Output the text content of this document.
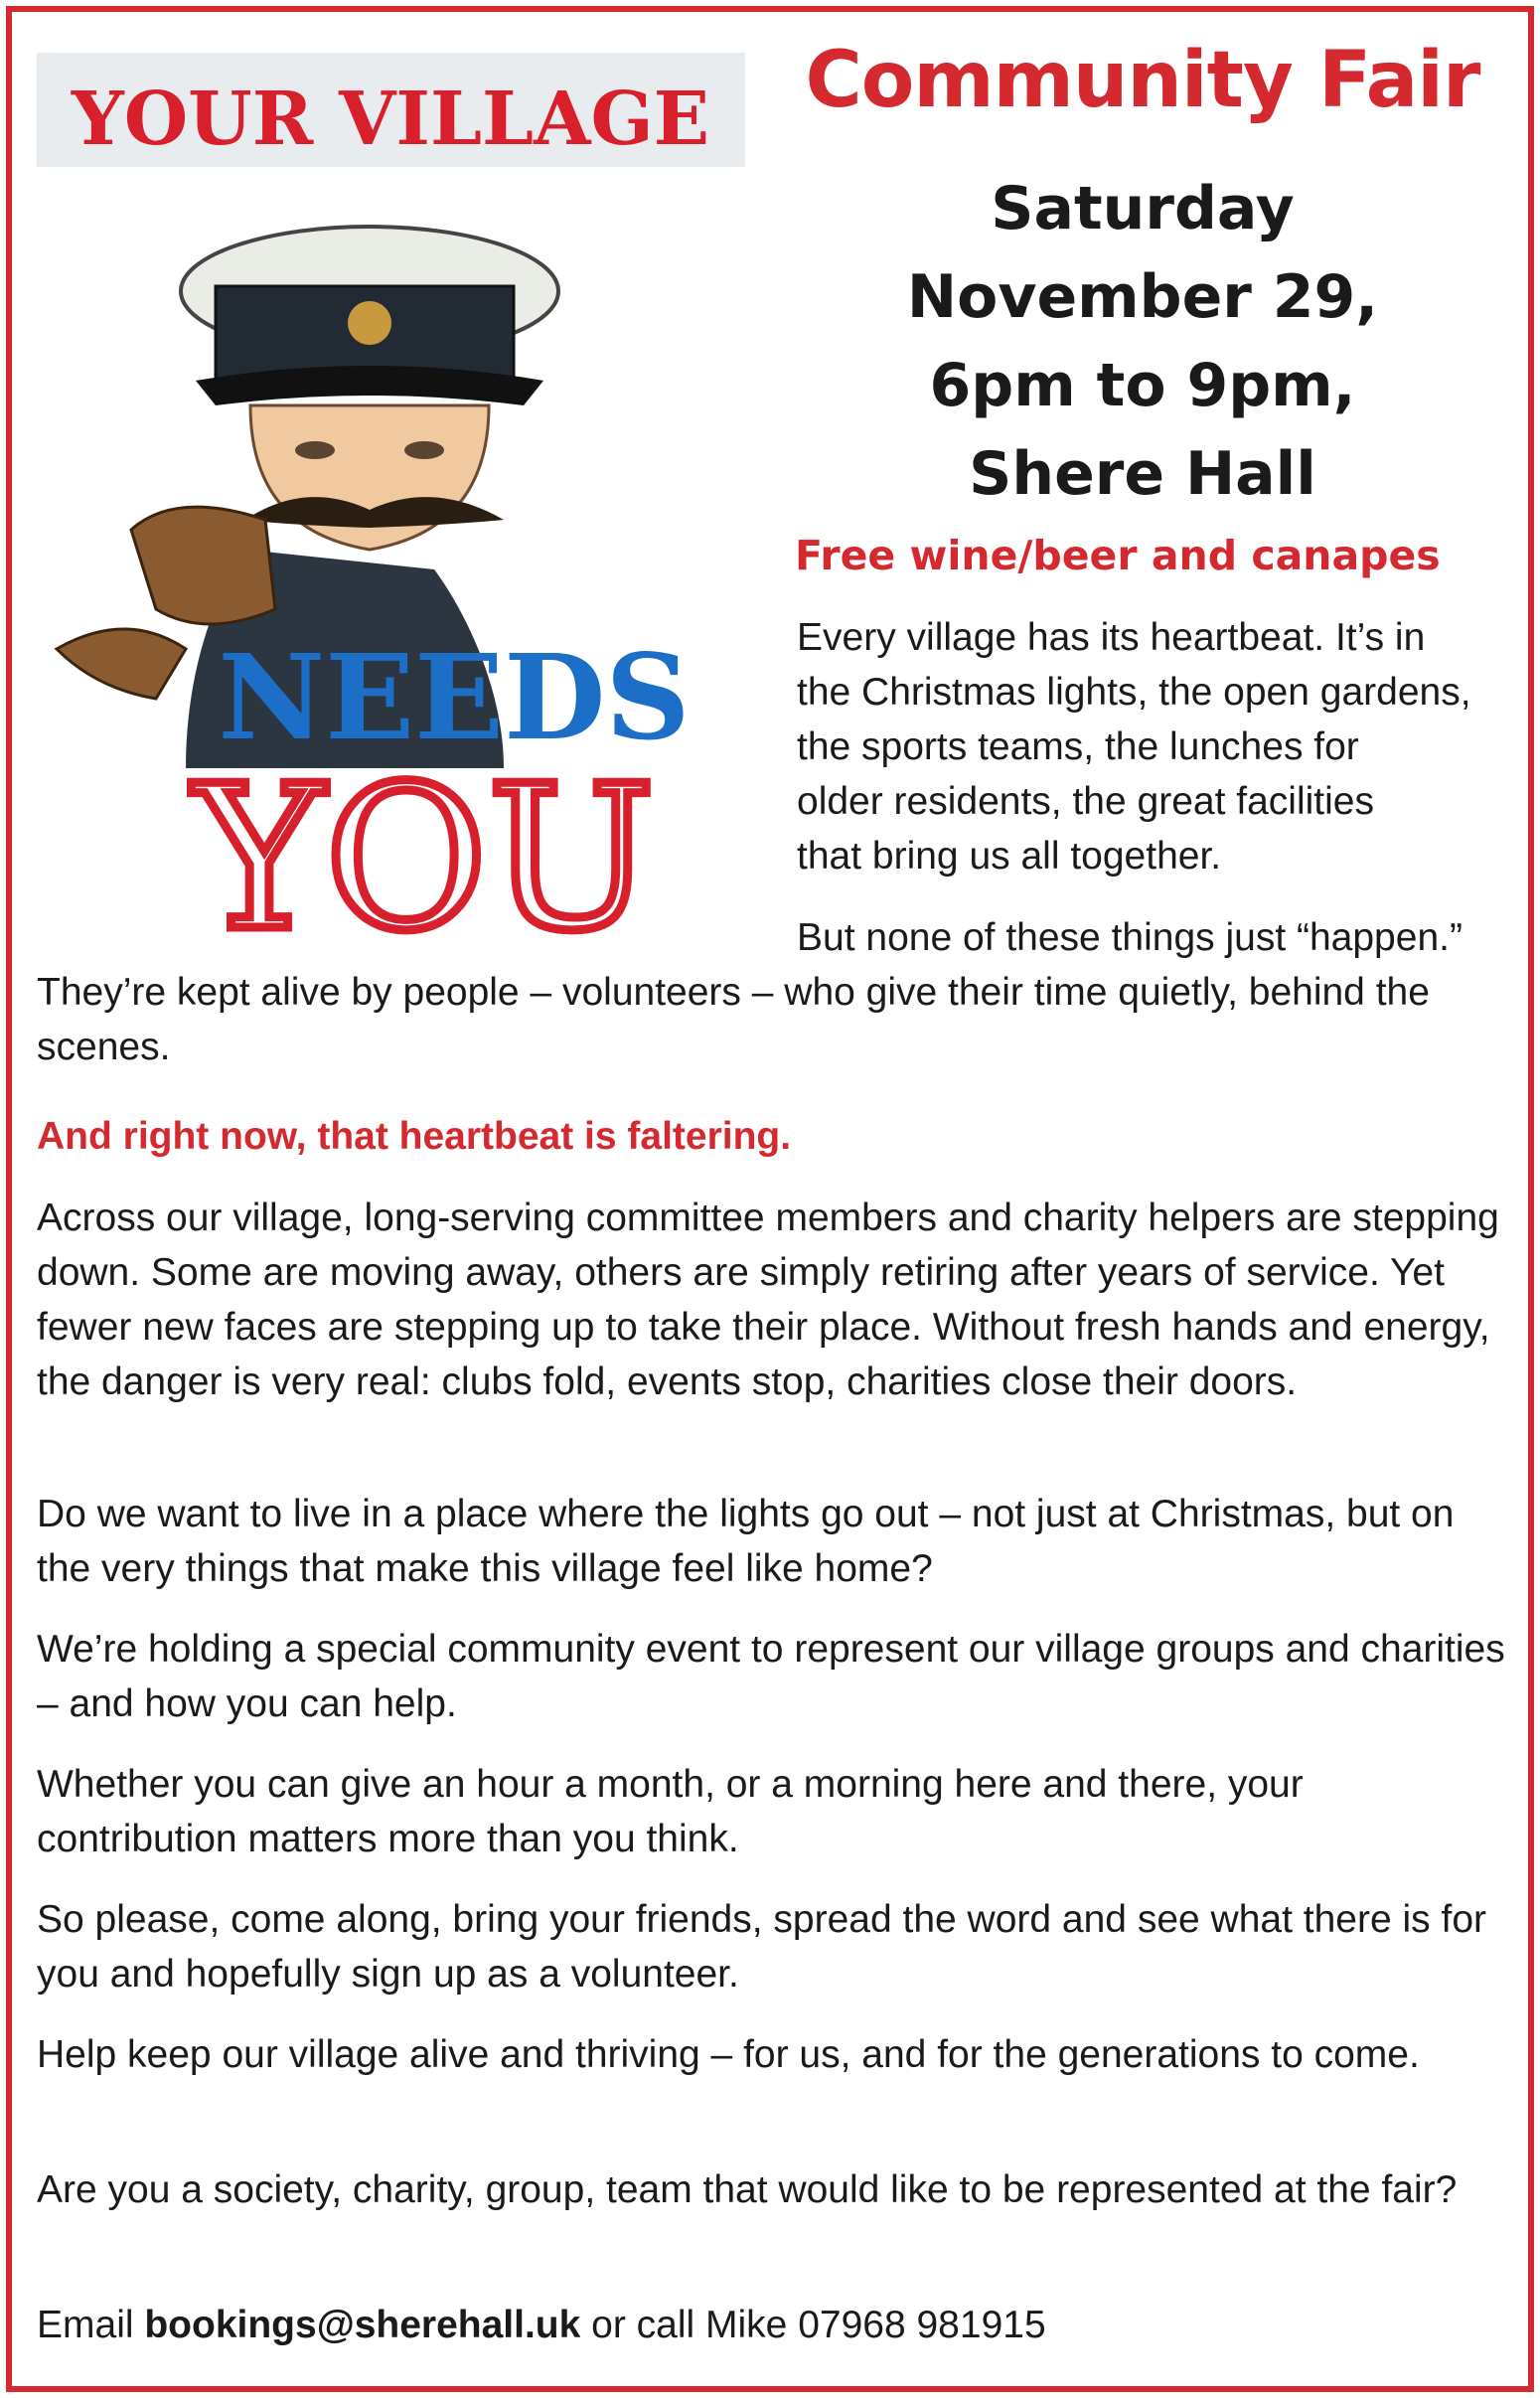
YOUR VILLAGE
NEEDS
YOU
Community Fair
Saturday
November 29,
6pm to 9pm,
Shere Hall
Free wine/beer and canapes
Every village has its heartbeat. It’s in
the Christmas lights, the open gardens,
the sports teams, the lunches for
older residents, the great facilities
that bring us all together.
But none of these things just “happen.”
They’re kept alive by people – volunteers – who give their time quietly, behind the scenes.
And right now, that heartbeat is faltering.
Across our village, long-serving committee members and charity helpers are stepping down. Some are moving away, others are simply retiring after years of service. Yet fewer new faces are stepping up to take their place. Without fresh hands and energy, the danger is very real: clubs fold, events stop, charities close their doors.
Do we want to live in a place where the lights go out – not just at Christmas, but on the very things that make this village feel like home?
We’re holding a special community event to represent our village groups and charities – and how you can help.
Whether you can give an hour a month, or a morning here and there, your contribution matters more than you think.
So please, come along, bring your friends, spread the word and see what there is for you and hopefully sign up as a volunteer.
Help keep our village alive and thriving – for us, and for the generations to come.
Are you a society, charity, group, team that would like to be represented at the fair?
Email bookings@sherehall.uk or call Mike 07968 981915
